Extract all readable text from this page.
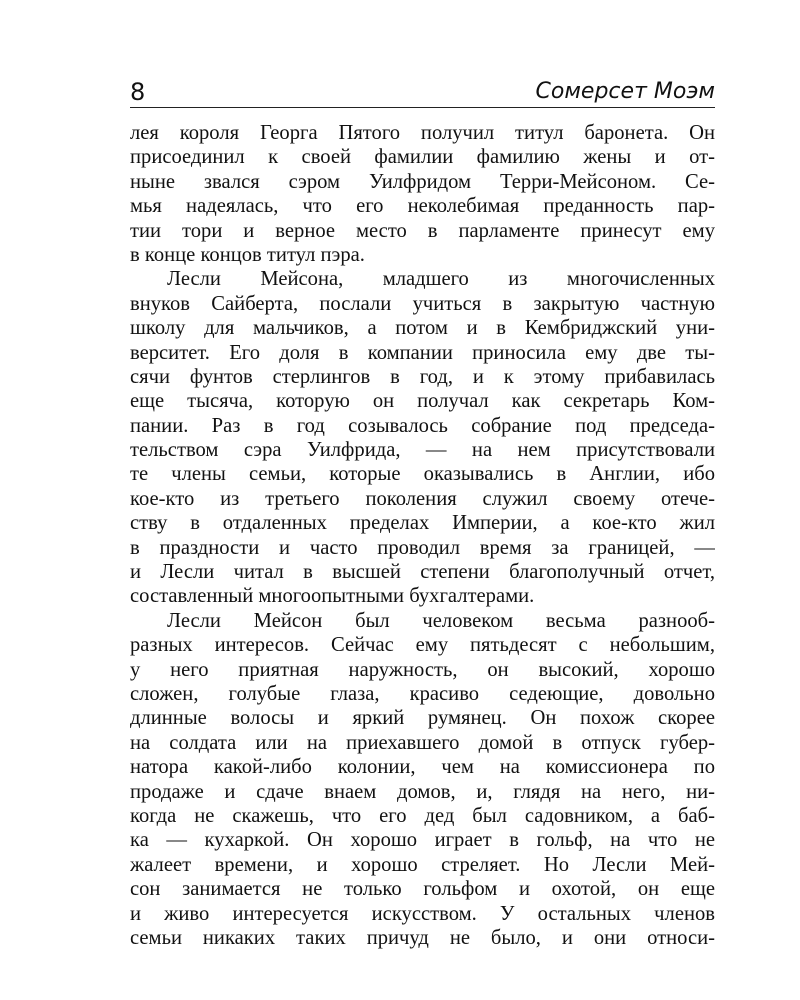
8	Сомерсет Моэм
лея короля Георга Пятого получил титул баронета. Он
присоединил к своей фамилии фамилию жены и от-
ныне звался сэром Уилфридом Терри-Мейсоном. Се-
мья надеялась, что его неколебимая преданность пар-
тии тори и верное место в парламенте принесут ему
в конце концов титул пэра.
Лесли Мейсона, младшего из многочисленных
внуков Сайберта, послали учиться в закрытую частную
школу для мальчиков, а потом и в Кембриджский уни-
верситет. Его доля в компании приносила ему две ты-
сячи фунтов стерлингов в год, и к этому прибавилась
еще тысяча, которую он получал как секретарь Ком-
пании. Раз в год созывалось собрание под председа-
тельством сэра Уилфрида, — на нем присутствовали
те члены семьи, которые оказывались в Англии, ибо
кое-кто из третьего поколения служил своему отече-
ству в отдаленных пределах Империи, а кое-кто жил
в праздности и часто проводил время за границей, —
и Лесли читал в высшей степени благополучный отчет,
составленный многоопытными бухгалтерами.
Лесли Мейсон был человеком весьма разнооб-
разных интересов. Сейчас ему пятьдесят с небольшим,
у него приятная наружность, он высокий, хорошо
сложен, голубые глаза, красиво седеющие, довольно
длинные волосы и яркий румянец. Он похож скорее
на солдата или на приехавшего домой в отпуск губер-
натора какой-либо колонии, чем на комиссионера по
продаже и сдаче внаем домов, и, глядя на него, ни-
когда не скажешь, что его дед был садовником, а баб-
ка — кухаркой. Он хорошо играет в гольф, на что не
жалеет времени, и хорошо стреляет. Но Лесли Мей-
сон занимается не только гольфом и охотой, он еще
и живо интересуется искусством. У остальных членов
семьи никаких таких причуд не было, и они относи-
